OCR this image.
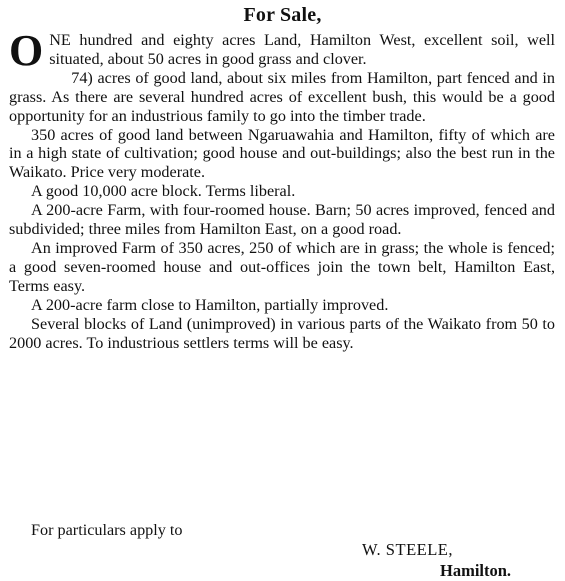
For Sale,

ONE hundred and eighty acres Land, Hamilton West, excellent soil, well situated, about 50 acres in good grass and clover.

74) acres of good land, about six miles from Hamilton, part fenced and in grass. As there are several hundred acres of excellent bush, this would be a good opportunity for an industrious family to go into the timber trade.

350 acres of good land between Ngaruawahia and Hamilton, fifty of which are in a high state of cultivation; good house and out-buildings; also the best run in the Waikato. Price very moderate.

A good 10,000 acre block. Terms liberal.

A 200-acre Farm, with four-roomed house. Barn; 50 acres improved, fenced and subdivided; three miles from Hamilton East, on a good road.

An improved Farm of 350 acres, 250 of which are in grass; the whole is fenced; a good seven-roomed house and out-offices join the town belt, Hamilton East, Terms easy.

A 200-acre farm close to Hamilton, partially improved.

Several blocks of Land (unimproved) in various parts of the Waikato from 50 to 2000 acres. To industrious settlers terms will be easy.

For particulars apply to
W. STEELE,
Hamilton.
